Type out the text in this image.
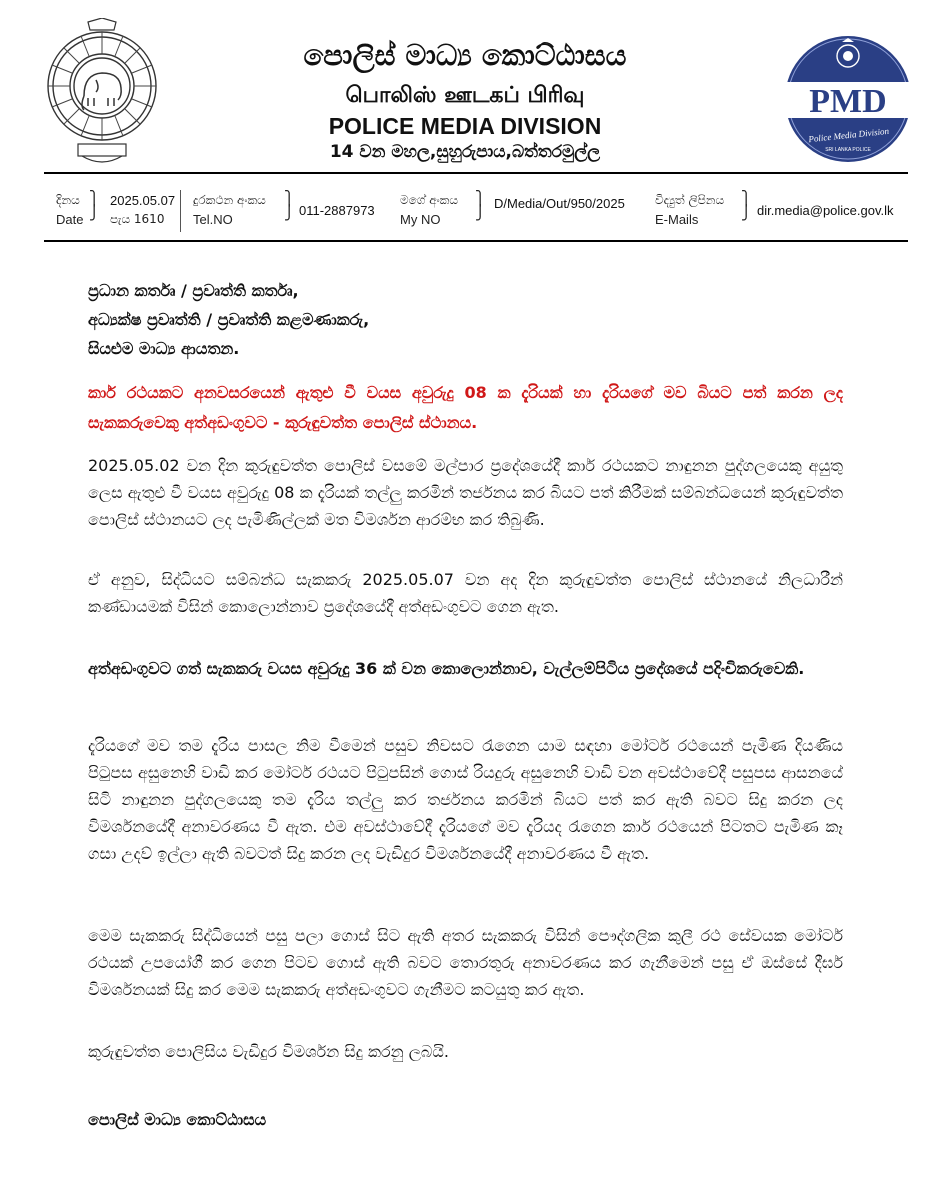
පොලිස් මාධ්‍ය කොට්ඨාසය
பொலிஸ் ஊடகப் பிரிவு
POLICE MEDIA DIVISION
14 වන මහල,සුහුරුපාය,බත්තරමුල්ල
PMD
Police Media Division
SRI LANKA POLICE
දිනය
Date
⎫
⎭
2025.05.07
පැය 1610
දුරකථන අංකය
Tel.NO
⎫
⎭ 011-2887973
මගේ අංකය
My NO
⎫
⎭
D/Media/Out/950/2025	විද්‍යුත් ලිපිනය
E-Mails
⎫
⎭ dir.media@police.gov.lk
ප්‍රධාන කර්තෘ / ප්‍රවෘත්ති කර්තෘ,
අධ්‍යක්ෂ ප්‍රවෘත්ති / ප්‍රවෘත්ති කළමණාකරු,
සියළුම මාධ්‍ය ආයතන.
කාර් රථයකට අනවසරයෙන් ඇතුළු වී වයස අවුරුදු 08 ක දැරියක් හා දැරියගේ මව බියට පත් කරන ලද සැකකරුවෙකු අත්අඩංගුවට - කුරුඳුවත්ත පොලිස් ස්ථානය.
2025.05.02 වන දින කුරුඳුවත්ත පොලිස් වසමේ මල්පාර ප්‍රදේශයේදී කාර් රථයකට නාඳුනන පුද්ගලයෙකු අයුතු ලෙස ඇතුළු වී වයස අවුරුදු 08 ක දැරියක් තල්ලු කරමින් තර්ජනය කර බියට පත් කිරීමක් සම්බන්ධයෙන් කුරුඳුවත්ත පොලිස් ස්ථානයට ලද පැමිණිල්ලක් මත විමර්ශන ආරම්භ කර තිබුණි.
ඒ අනුව, සිද්ධියට සම්බන්ධ සැකකරු 2025.05.07 වන අද දින කුරුඳුවත්ත පොලිස් ස්ථානයේ නිලධාරීන් කණ්ඩායමක් විසින් කොලොන්නාව ප්‍රදේශයේදී අත්අඩංගුවට ගෙන ඇත.
අත්අඩංගුවට ගත් සැකකරු වයස අවුරුදු 36 ක් වන කොලොන්නාව, වැල්ලම්පිටිය ප්‍රදේශයේ පදිංචිකරුවෙකි.
දැරියගේ මව තම දැරිය පාසල නිම වීමෙන් පසුව නිවසට රැගෙන යාම සඳහා මෝටර් රථයෙන් පැමිණ දියණිය පිටුපස අසුනෙහි වාඩි කර මෝටර් රථයට පිටුපසින් ගොස් රියදුරු අසුනෙහි වාඩි වන අවස්ථාවේදී පසුපස ආසනයේ සිටි නාඳුනන පුද්ගලයෙකු තම දැරිය තල්ලු කර තර්ජනය කරමින් බියට පත් කර ඇති බවට සිදු කරන ලද විමර්ශනයේදී අනාවරණය වී ඇත. එම අවස්ථාවේදී දැරියගේ මව දැරියද රැගෙන කාර් රථයෙන් පිටතට පැමිණ කෑ ගසා උදව් ඉල්ලා ඇති බවටත් සිදු කරන ලද වැඩිදුර විමර්ශනයේදී අනාවරණය වී ඇත.
මෙම සැකකරු සිද්ධියෙන් පසු පලා ගොස් සිට ඇති අතර සැකකරු විසින් පෞද්ගලික කුලී රථ සේවයක මෝටර් රථයක් උපයෝගී කර ගෙන පිටව ගොස් ඇති බවට තොරතුරු අනාවරණය කර ගැනීමෙන් පසු ඒ ඔස්සේ දීර්ඝ විමර්ශනයක් සිදු කර මෙම සැකකරු අත්අඩංගුවට ගැනීමට කටයුතු කර ඇත.
කුරුඳුවත්ත පොලිසිය වැඩිදුර විමර්ශන සිදු කරනු ලබයි.
පොලිස් මාධ්‍ය කොට්ඨාසය
